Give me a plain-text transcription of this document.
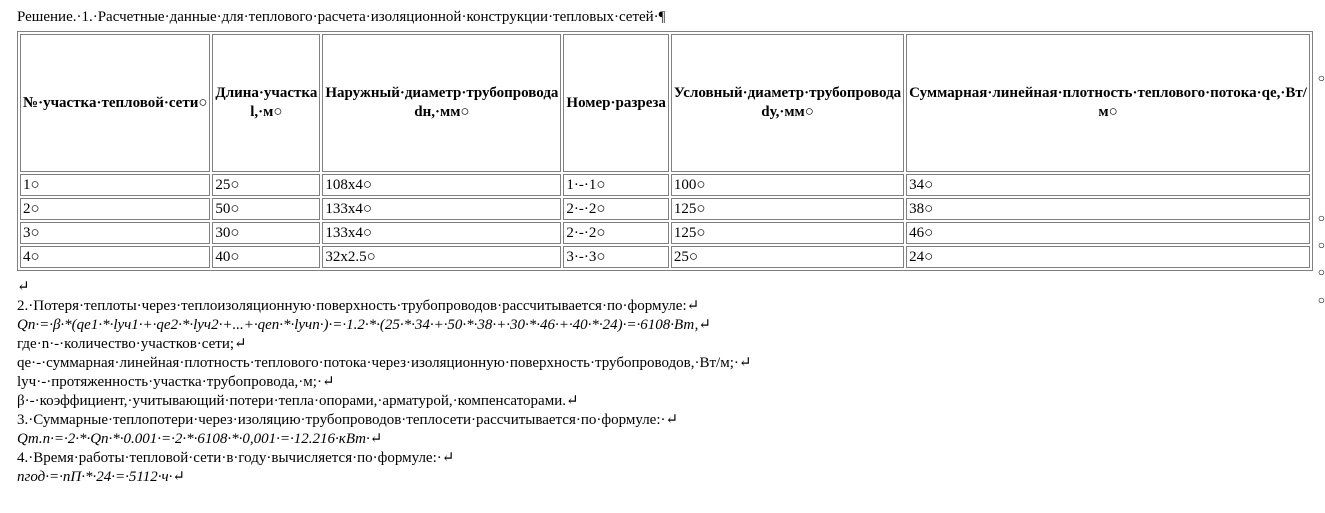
Решение.·1.·Расчетные·данные·для·теплового·расчета·изоляционной·конструкции·тепловых·сетей·¶
№·участка·тепловой·сети○	Длина·участка l,·м○	Наружный·диаметр·трубопровода dн,·мм○	Номер·разреза	Условный·диаметр·трубопровода dу,·мм○	Суммарная·линейная·плотность·теплового·потока·qе,·Вт/м○
1○	25○	108x4○	1·-·1○	100○	34○
2○	50○	133x4○	2·-·2○	125○	38○
3○	30○	133x4○	2·-·2○	125○	46○
4○	40○	32x2.5○	3·-·3○	25○	24○
○
○
○
○
○
↵
2.·Потеря·теплоты·через·теплоизоляционную·поверхность·трубопроводов·рассчитывается·по·формуле:↵
Qп·=·β·*(qе1·*·lуч1·+·qе2·*·lуч2·+...+·qеn·*·lучn·)·=·1.2·*·(25·*·34·+·50·*·38·+·30·*·46·+·40·*·24)·=·6108·Вт,↵
где·n·-·количество·участков·сети;↵
qе·-·суммарная·линейная·плотность·теплового·потока·через·изоляционную·поверхность·трубопроводов,·Вт/м;·↵
lуч·-·протяженность·участка·трубопровода,·м;·↵
β·-·коэффициент,·учитывающий·потери·тепла·опорами,·арматурой,·компенсаторами.↵
3.·Суммарные·теплопотери·через·изоляцию·трубопроводов·теплосети·рассчитывается·по·формуле:·↵
Qт.п·=·2·*·Qп·*·0.001·=·2·*·6108·*·0,001·=·12.216·кВт·↵
4.·Время·работы·тепловой·сети·в·году·вычисляется·по·формуле:·↵
nгод·=·nП·*·24·=·5112·ч·↵
